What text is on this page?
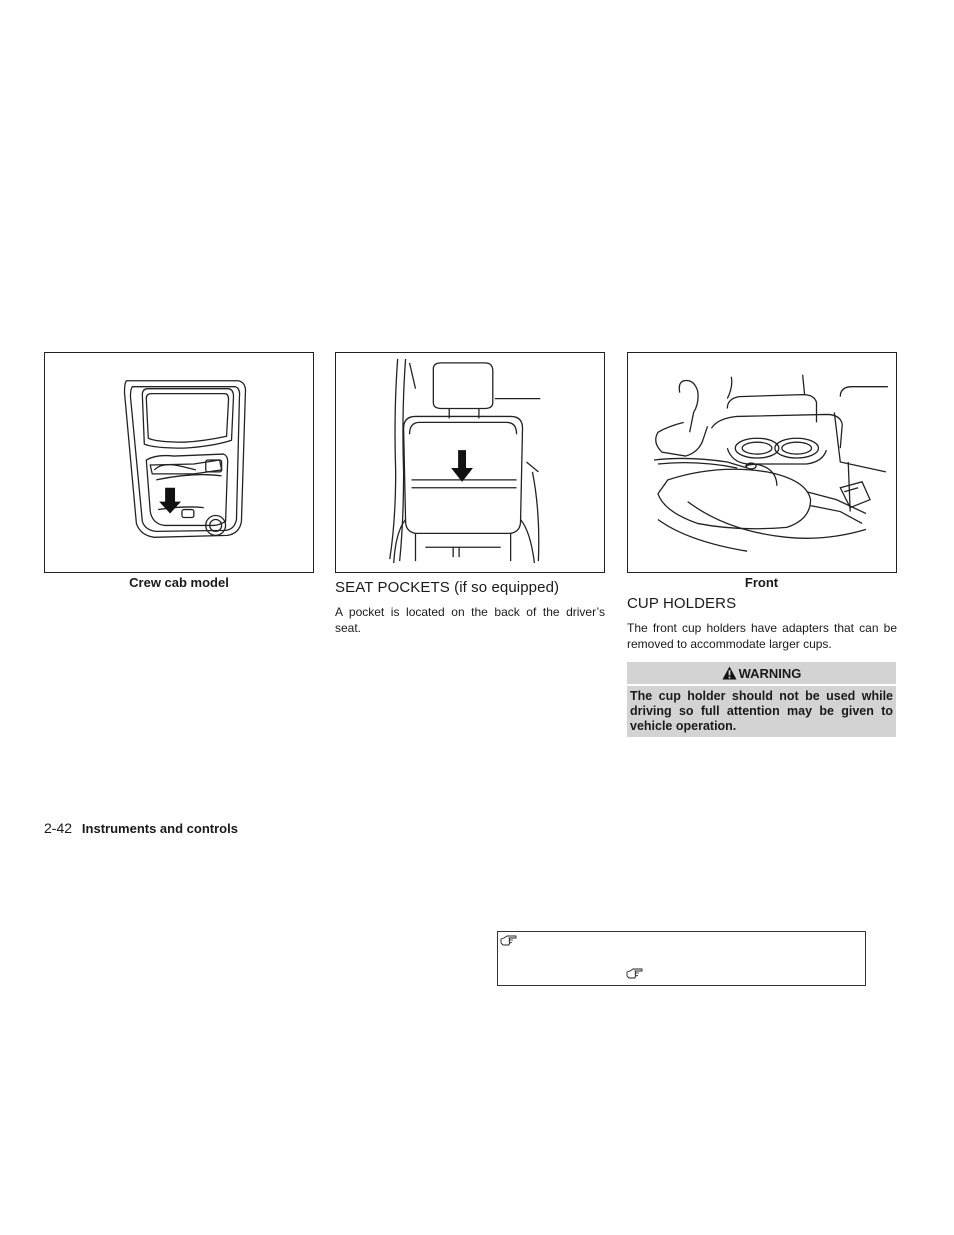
Crew cab model	SEAT POCKETS (if so equipped)
A pocket is located on the back of the driver’s seat.
Front
CUP HOLDERS
The front cup holders have adapters that can be removed to accommodate larger cups.
WARNING
The cup holder should not be used while driving so full attention may be given to vehicle operation.
2-42 Instruments and controls
